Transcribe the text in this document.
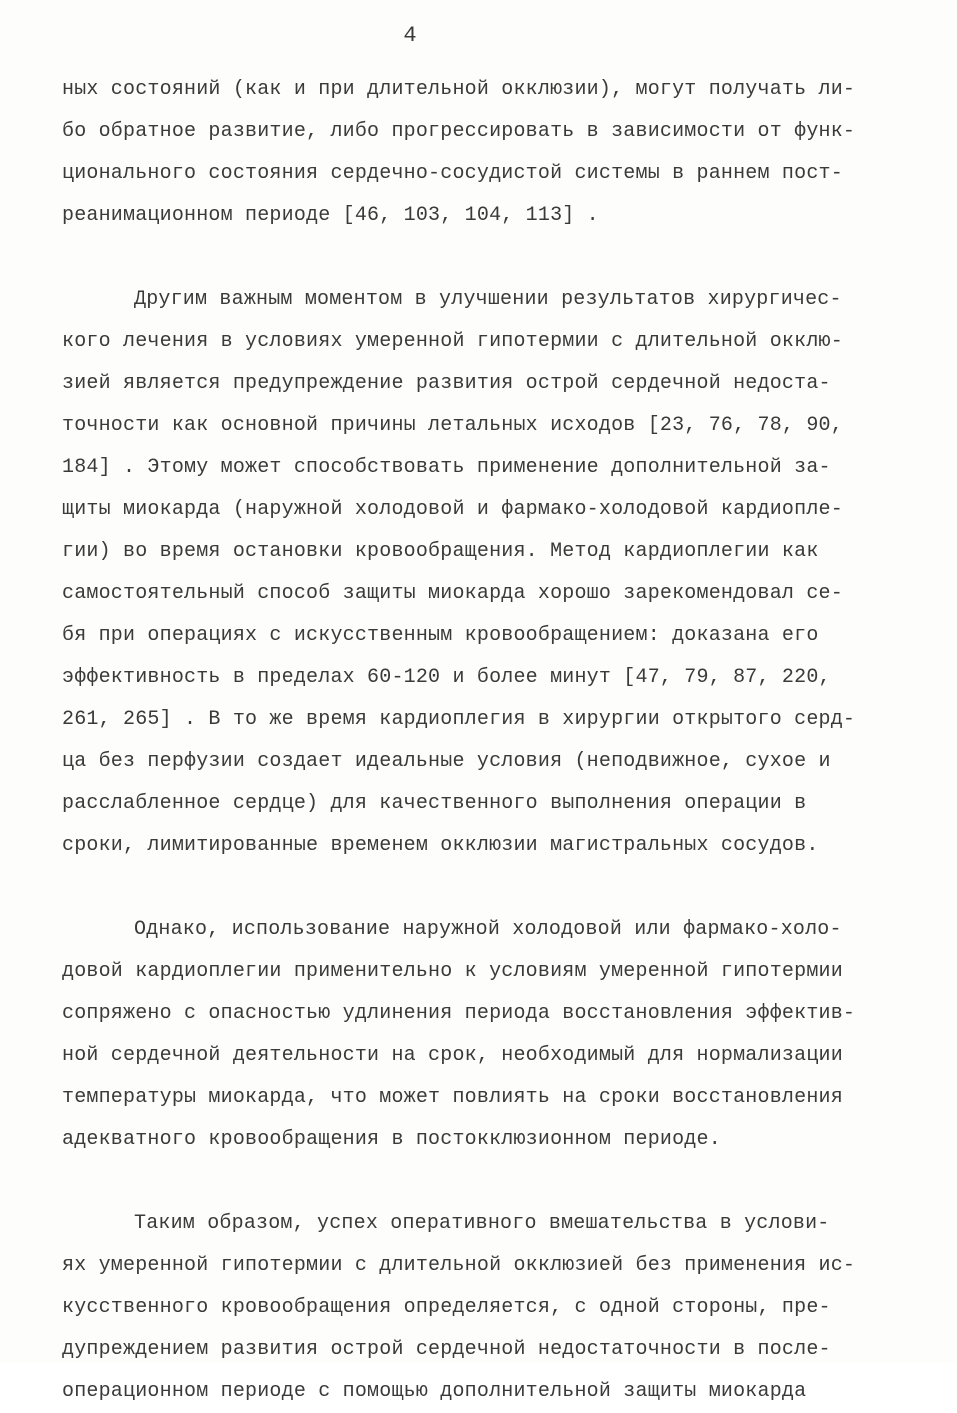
4
ных состояний (как и при длительной окклюзии), могут получать ли-
бо обратное развитие, либо прогрессировать в зависимости от функ-
ционального состояния сердечно-сосудистой системы в раннем пост-
реанимационном периоде [46, 103, 104, 113] .
Другим важным моментом в улучшении результатов хирургичес-
кого лечения в условиях умеренной гипотермии с длительной окклю-
зией является предупреждение развития острой сердечной недоста-
точности как основной причины летальных исходов [23, 76, 78, 90,
184] . Этому может способствовать применение дополнительной за-
щиты миокарда (наружной холодовой и фармако-холодовой кардиоплe-
гии) во время остановки кровообращения. Метод кардиоплегии как
самостоятельный способ защиты миокарда хорошо зарекомендовал се-
бя при операциях с искусственным кровообращением: доказана его
эффективность в пределах 60-120 и более минут [47, 79, 87, 220,
261, 265] . В то же время кардиоплегия в хирургии открытого серд-
ца без перфузии создает идеальные условия (неподвижное, сухое и
расслабленное сердце) для качественного выполнения операции в
сроки, лимитированные временем окклюзии магистральных сосудов.
Однако, использование наружной холодовой или фармако-холо-
довой кардиоплегии применительно к условиям умеренной гипотермии
сопряжено с опасностью удлинения периода восстановления эффектив-
ной сердечной деятельности на срок, необходимый для нормализации
температуры миокарда, что может повлиять на сроки восстановления
адекватного кровообращения в постокклюзионном периоде.
Таким образом, успех оперативного вмешательства в услови-
ях умеренной гипотермии с длительной окклюзией без применения ис-
кусственного кровообращения определяется, с одной стороны, пре-
дупреждением развития острой сердечной недостаточности в после-
операционном периоде с помощью дополнительной защиты миокарда
